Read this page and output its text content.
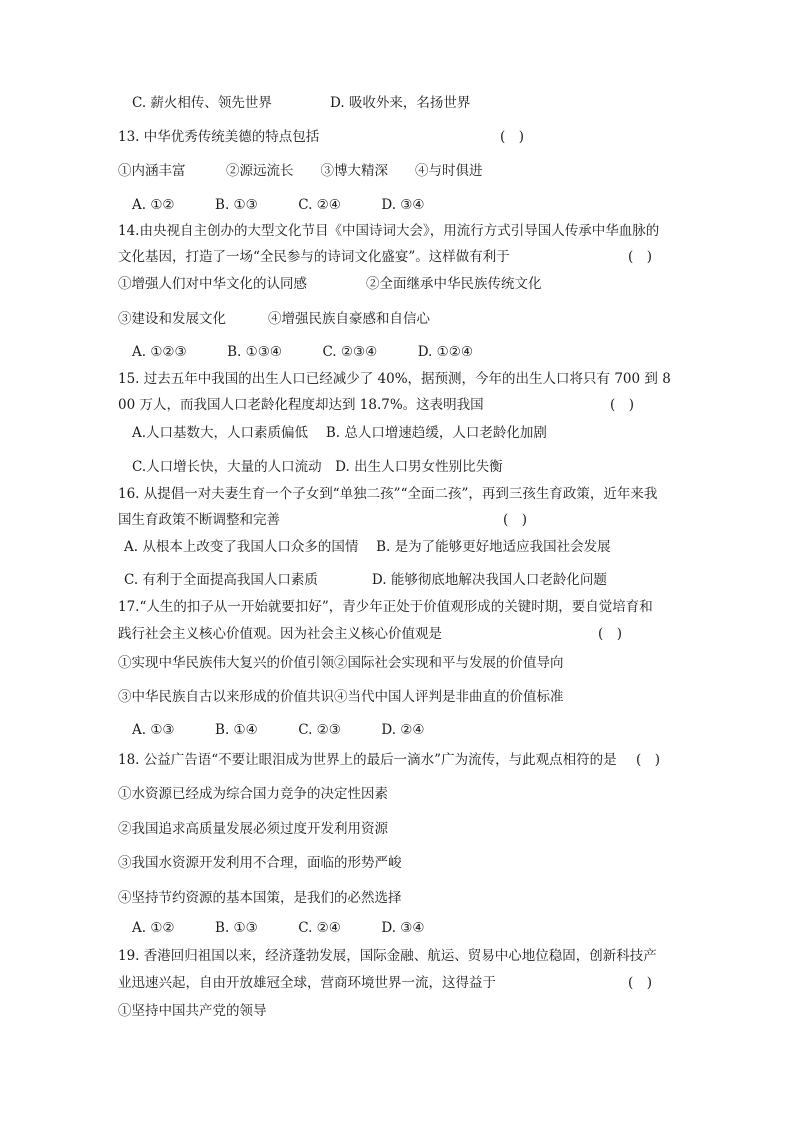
C. 薪火相传、领先世界	D. 吸收外来，名扬世界
13. 中华优秀传统美德的特点包括	(　)
①内涵丰富　　　②源远流长　　③博大精深　　④与时俱进
A. ①②　　　B. ①③　　　C. ②④　　　D. ③④
14.由央视自主创办的大型文化节目《中国诗词大会》，用流行方式引导国人传承中华血脉的
文化基因，打造了一场“全民参与的诗词文化盛宴”。这样做有利于	(　)
①增强人们对中华文化的认同感	②全面继承中华民族传统文化
③建设和发展文化	④增强民族自豪感和自信心
A. ①②③　　　B. ①③④　　　C. ②③④　　　D. ①②④
15. 过去五年中我国的出生人口已经减少了 40%，据预测，今年的出生人口将只有 700 到 8
00 万人，而我国人口老龄化程度却达到 18.7%。这表明我国	(　)
A.人口基数大，人口素质偏低　 B. 总人口增速趋缓，人口老龄化加剧
C.人口增长快，大量的人口流动　D. 出生人口男女性别比失衡
16. 从提倡一对夫妻生育一个子女到“单独二孩”“全面二孩”，再到三孩生育政策，近年来我
国生育政策不断调整和完善	(　)
A. 从根本上改变了我国人口众多的国情　 B. 是为了能够更好地适应我国社会发展
C. 有利于全面提高我国人口素质　　　　D. 能够彻底地解决我国人口老龄化问题
17.“人生的扣子从一开始就要扣好”，青少年正处于价值观形成的关键时期，要自觉培育和
践行社会主义核心价值观。因为社会主义核心价值观是	(　)
①实现中华民族伟大复兴的价值引领②国际社会实现和平与发展的价值导向
③中华民族自古以来形成的价值共识④当代中国人评判是非曲直的价值标准
A. ①③　　　B. ①④　　　C. ②③　　　D. ②④
18. 公益广告语“不要让眼泪成为世界上的最后一滴水”广为流传，与此观点相符的是 (　)
①水资源已经成为综合国力竞争的决定性因素
②我国追求高质量发展必须过度开发利用资源
③我国水资源开发利用不合理，面临的形势严峻
④坚持节约资源的基本国策，是我们的必然选择
A. ①②　　　B. ①③　　　C. ②④　　　D. ③④
19. 香港回归祖国以来，经济蓬勃发展，国际金融、航运、贸易中心地位稳固，创新科技产
业迅速兴起，自由开放雄冠全球，营商环境世界一流，这得益于	(　)
①坚持中国共产党的领导
